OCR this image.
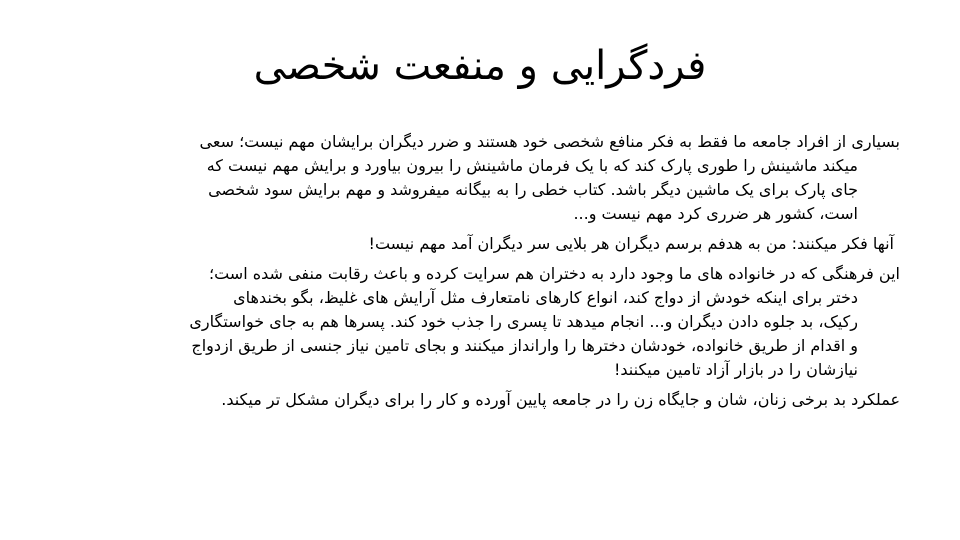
فردگرایی و منفعت شخصی
بسیاری از افراد جامعه ما فقط به فکر منافع شخصی خود هستند و ضرر دیگران برایشان مهم نیست؛ سعی
میکند ماشینش را طوری پارک کند که با یک فرمان ماشینش را بیرون بیاورد و برایش مهم نیست که
جای پارک برای یک ماشین دیگر باشد. کتاب خطی را به بیگانه میفروشد و مهم برایش سود شخصی
است، کشور هر ضرری کرد مهم نیست و...
آنها فکر میکنند: من به هدفم برسم دیگران هر بلایی سر دیگران آمد مهم نیست!
این فرهنگی که در خانواده های ما وجود دارد به دختران هم سرایت کرده و باعث رقابت منفی شده است؛
دختر برای اینکه خودش از دواج کند، انواع کارهای نامتعارف مثل آرایش های غلیظ، بگو بخندهای
رکیک، بد جلوه دادن دیگران و... انجام میدهد تا پسری را جذب خود کند. پسرها هم به جای خواستگاری
و اقدام از طریق خانواده، خودشان دخترها را وارانداز میکنند و بجای تامین نیاز جنسی از طریق ازدواج
نیازشان را در بازار آزاد تامین میکنند!
عملکرد بد برخی زنان، شان و جایگاه زن را در جامعه پایین آورده و کار را برای دیگران مشکل تر میکند.
